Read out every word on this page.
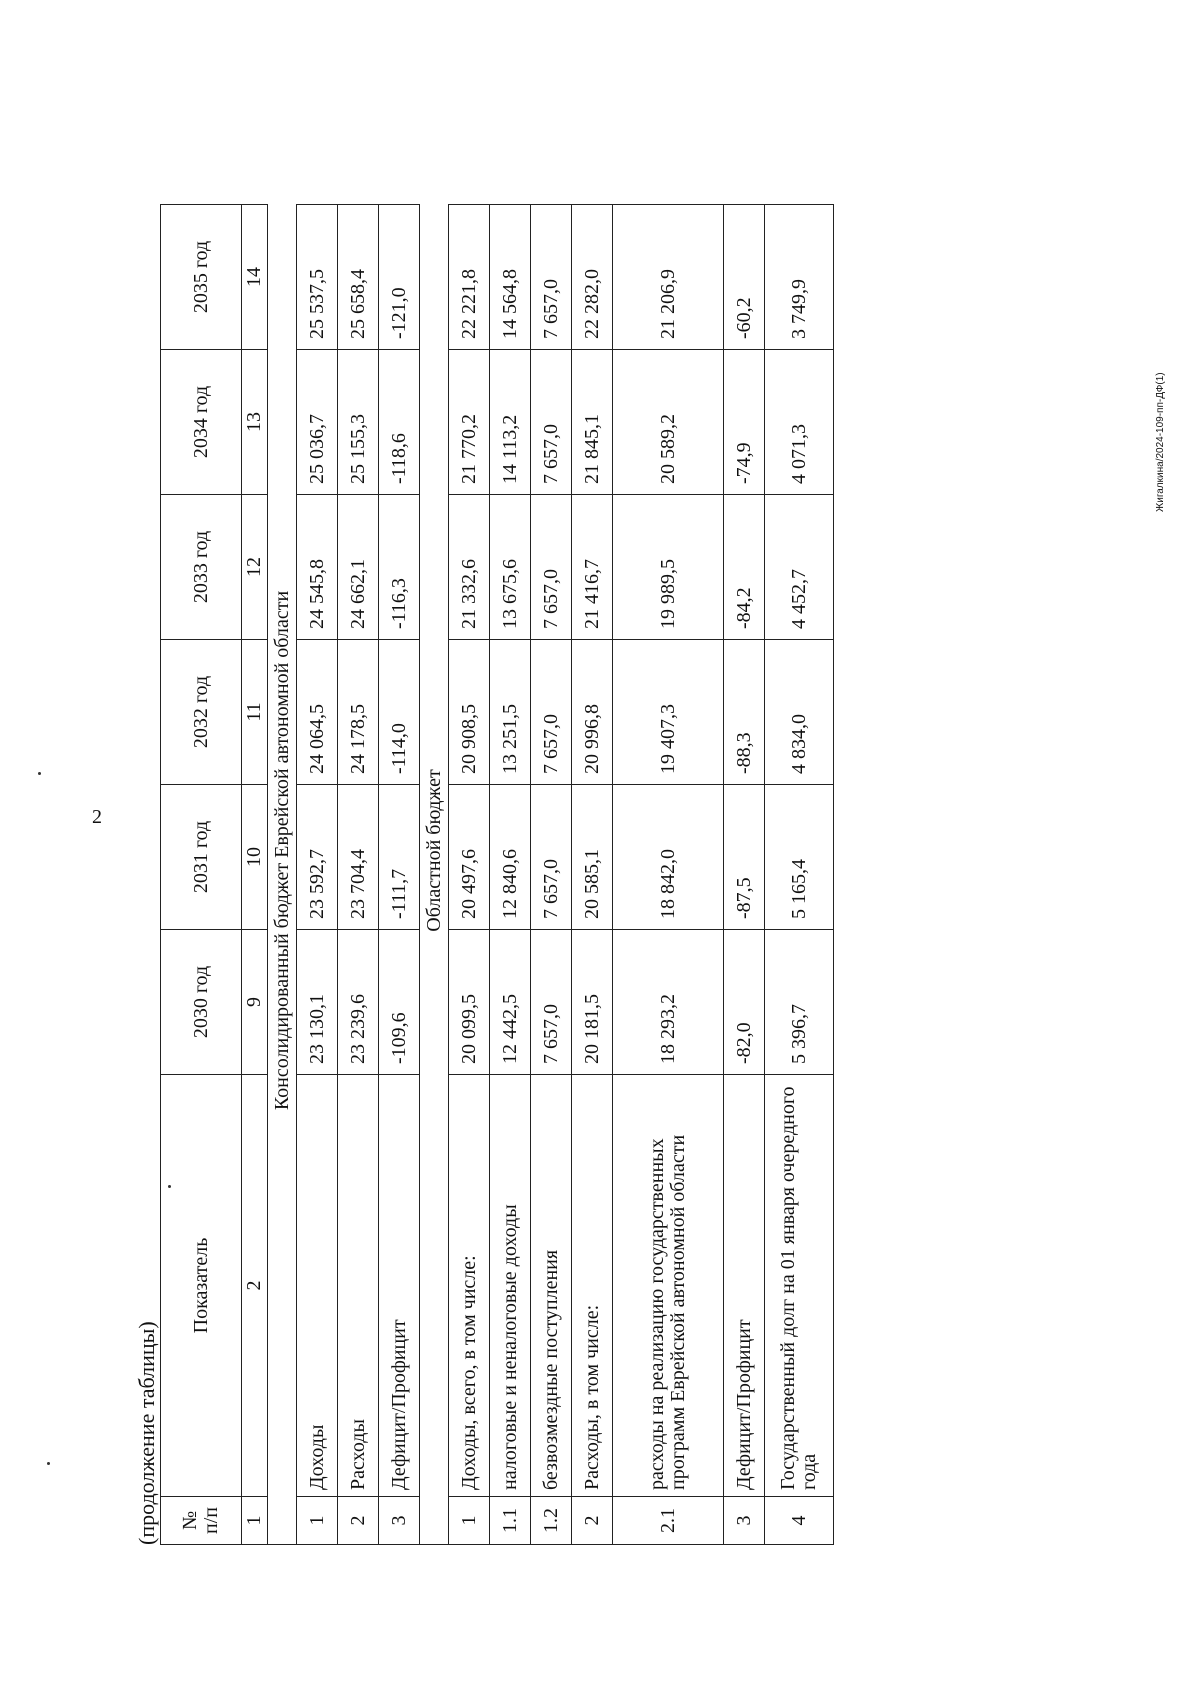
2
(продолжение таблицы) № п/п	Показатель	2030 год	2031 год	2032 год	2033 год	2034 год	2035 год
1	2	9	10	11	12	13	14
	Консолидированный бюджет Еврейской автономной области						
1	Доходы	23 130,1	23 592,7	24 064,5	24 545,8	25 036,7	25 537,5
2	Расходы	23 239,6	23 704,4	24 178,5	24 662,1	25 155,3	25 658,4
3	Дефицит/Профицит	-109,6	-111,7	-114,0	-116,3	-118,6	-121,0
	Областной бюджет						
1	Доходы, всего, в том числе:	20 099,5	20 497,6	20 908,5	21 332,6	21 770,2	22 221,8
1.1	налоговые и неналоговые доходы	12 442,5	12 840,6	13 251,5	13 675,6	14 113,2	14 564,8
1.2	безвозмездные поступления	7 657,0	7 657,0	7 657,0	7 657,0	7 657,0	7 657,0
2	Расходы, в том числе:	20 181,5	20 585,1	20 996,8	21 416,7	21 845,1	22 282,0
2.1	расходы на реализацию государственных программ Еврейской автономной области	18 293,2	18 842,0	19 407,3	19 989,5	20 589,2	21 206,9
3	Дефицит/Профицит	-82,0	-87,5	-88,3	-84,2	-74,9	-60,2
4	Государственный долг на 01 января очередного года	5 396,7	5 165,4	4 834,0	4 452,7	4 071,3	3 749,9
Жигалкина/2024-109-пп-ДФ(1)
